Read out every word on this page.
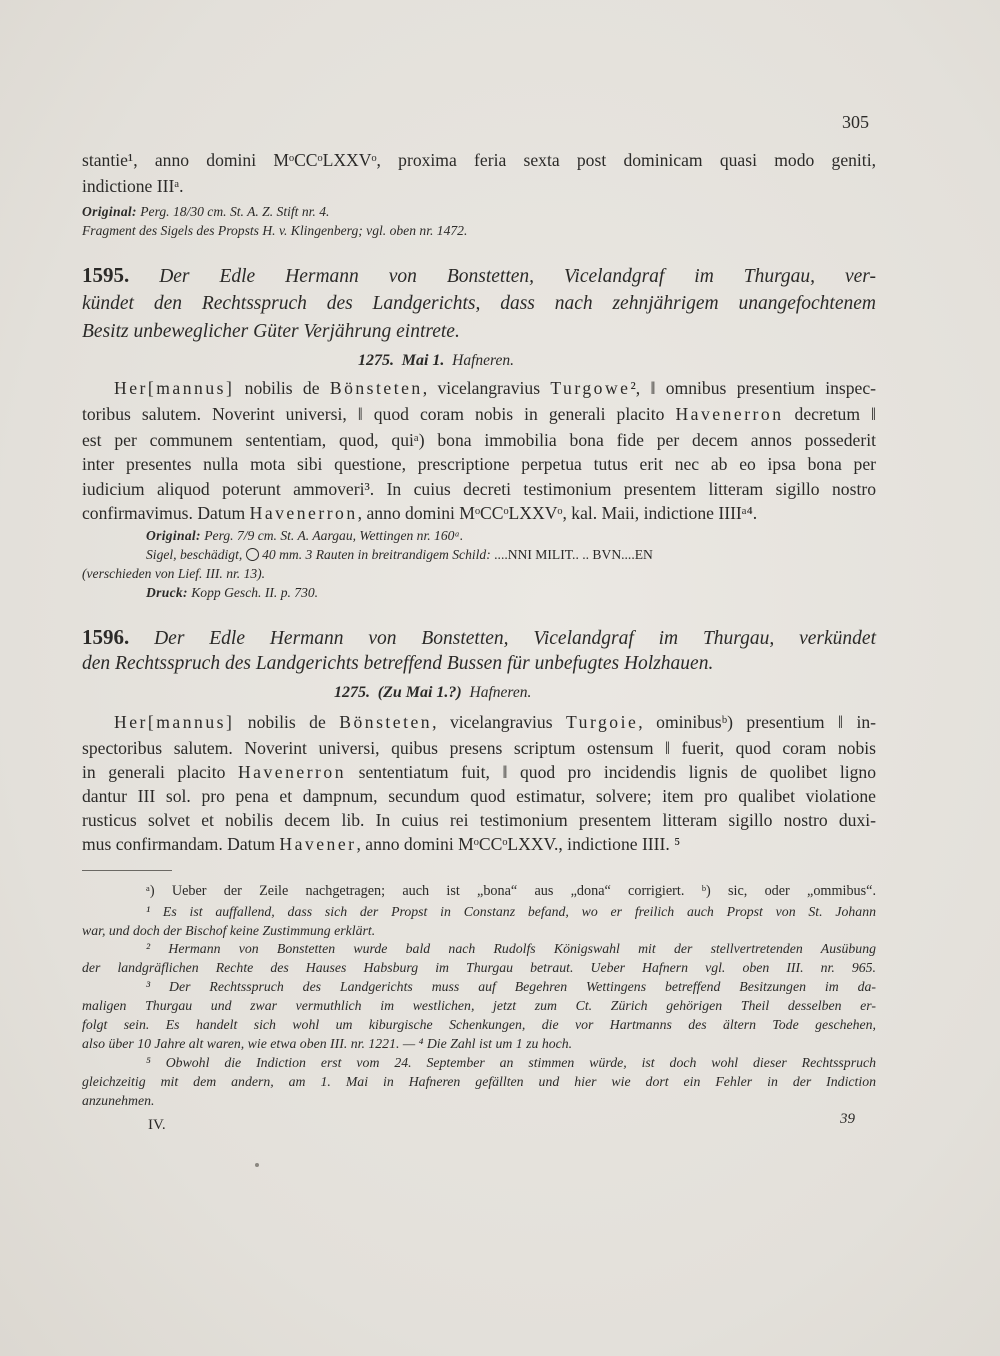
305
stantie¹, anno domini MᵒCCᵒLXXVᵒ, proxima feria sexta post dominicam quasi modo geniti,
indictione IIIᵃ.
Original: Perg. 18/30 cm. St. A. Z. Stift nr. 4.
Fragment des Sigels des Propsts H. v. Klingenberg; vgl. oben nr. 1472.
1595. Der Edle Hermann von Bonstetten, Vicelandgraf im Thurgau, ver-
kündet den Rechtsspruch des Landgerichts, dass nach zehnjährigem unangefochtenem
Besitz unbeweglicher Güter Verjährung eintrete.
1275. Mai 1. Hafneren.
Her[mannus] nobilis de Bönsteten, vicelangravius Turgowe², ‖ omnibus presentium inspec-
toribus salutem. Noverint universi, ‖ quod coram nobis in generali placito Havenerron decretum ‖
est per communem sententiam, quod, quiᵃ) bona immobilia bona fide per decem annos possederit
inter presentes nulla mota sibi questione, prescriptione perpetua tutus erit nec ab eo ipsa bona per
iudicium aliquod poterunt ammoveri³. In cuius decreti testimonium presentem litteram sigillo nostro
confirmavimus. Datum Havenerron, anno domini MᵒCCᵒLXXVᵒ, kal. Maii, indictione IIIIᵃ⁴.
Original: Perg. 7/9 cm. St. A. Aargau, Wettingen nr. 160ᵃ.
Sigel, beschädigt,  40 mm. 3 Rauten in breitrandigem Schild: ....NNI MILIT.. .. BVN....EN
(verschieden von Lief. III. nr. 13).
Druck: Kopp Gesch. II. p. 730.
1596. Der Edle Hermann von Bonstetten, Vicelandgraf im Thurgau, verkündet
den Rechtsspruch des Landgerichts betreffend Bussen für unbefugtes Holzhauen.
1275. (Zu Mai 1.?) Hafneren.
Her[mannus] nobilis de Bönsteten, vicelangravius Turgoie, ominibusᵇ) presentium ‖ in-
spectoribus salutem. Noverint universi, quibus presens scriptum ostensum ‖ fuerit, quod coram nobis
in generali placito Havenerron sententiatum fuit, ‖ quod pro incidendis lignis de quolibet ligno
dantur III sol. pro pena et dampnum, secundum quod estimatur, solvere; item pro qualibet violatione
rusticus solvet et nobilis decem lib. In cuius rei testimonium presentem litteram sigillo nostro duxi-
mus confirmandam. Datum Havener, anno domini MᵒCCᵒLXXV., indictione IIII. ⁵
ᵃ) Ueber der Zeile nachgetragen; auch ist „bona“ aus „dona“ corrigiert. ᵇ) sic, oder „ommibus“.
¹ Es ist auffallend, dass sich der Propst in Constanz befand, wo er freilich auch Propst von St. Johann
war, und doch der Bischof keine Zustimmung erklärt.
² Hermann von Bonstetten wurde bald nach Rudolfs Königswahl mit der stellvertretenden Ausübung
der landgräflichen Rechte des Hauses Habsburg im Thurgau betraut. Ueber Hafnern vgl. oben III. nr. 965.
³ Der Rechtsspruch des Landgerichts muss auf Begehren Wettingens betreffend Besitzungen im da-
maligen Thurgau und zwar vermuthlich im westlichen, jetzt zum Ct. Zürich gehörigen Theil desselben er-
folgt sein. Es handelt sich wohl um kiburgische Schenkungen, die vor Hartmanns des ältern Tode geschehen,
also über 10 Jahre alt waren, wie etwa oben III. nr. 1221. — ⁴ Die Zahl ist um 1 zu hoch.
⁵ Obwohl die Indiction erst vom 24. September an stimmen würde, ist doch wohl dieser Rechtsspruch
gleichzeitig mit dem andern, am 1. Mai in Hafneren gefällten und hier wie dort ein Fehler in der Indiction
anzunehmen.
IV.	39
